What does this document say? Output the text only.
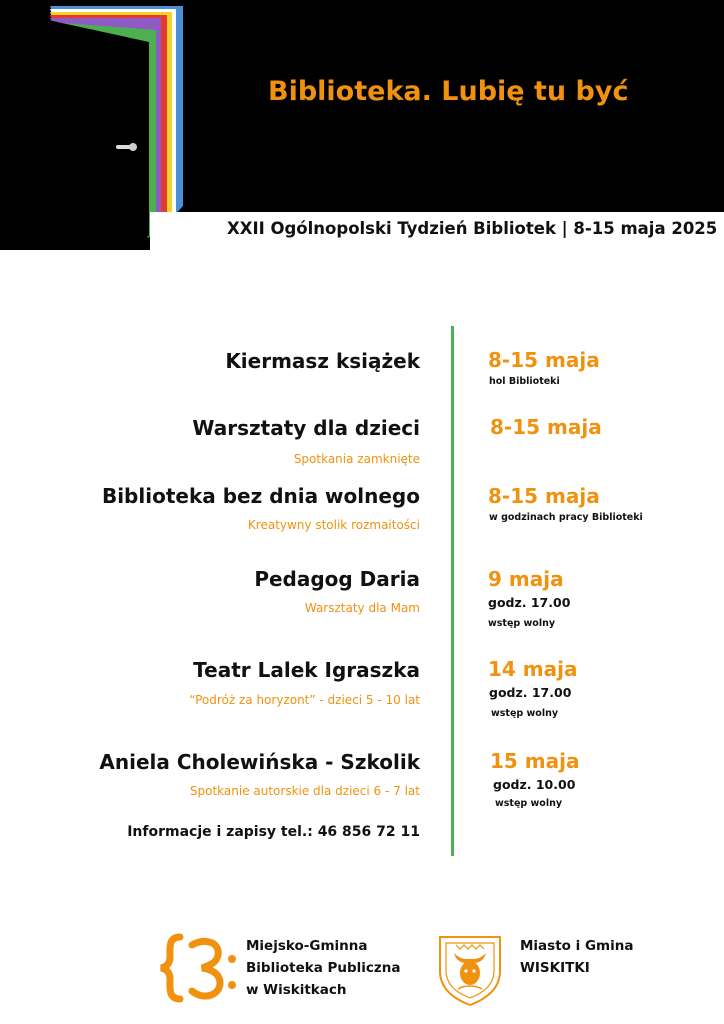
Biblioteka. Lubię tu być
XXII Ogólnopolski Tydzień Bibliotek | 8-15 maja 2025
Kiermasz książek	8-15 maja
hol Biblioteki
Warsztaty dla dzieci
Spotkania zamknięte
8-15 maja
Biblioteka bez dnia wolnego
Kreatywny stolik rozmaitości
8-15 maja
w godzinach pracy Biblioteki
Pedagog Daria
Warsztaty dla Mam
9 maja
godz. 17.00
wstęp wolny
Teatr Lalek Igraszka
“Podróż za horyzont” - dzieci 5 - 10 lat
14 maja
godz. 17.00
wstęp wolny
Aniela Cholewińska - Szkolik
Spotkanie autorskie dla dzieci 6 - 7 lat
15 maja
godz. 10.00
wstęp wolny
Informacje i zapisy tel.: 46 856 72 11
Miejsko-Gminna
Biblioteka Publiczna
w Wiskitkach
Miasto i Gmina
WISKITKI
